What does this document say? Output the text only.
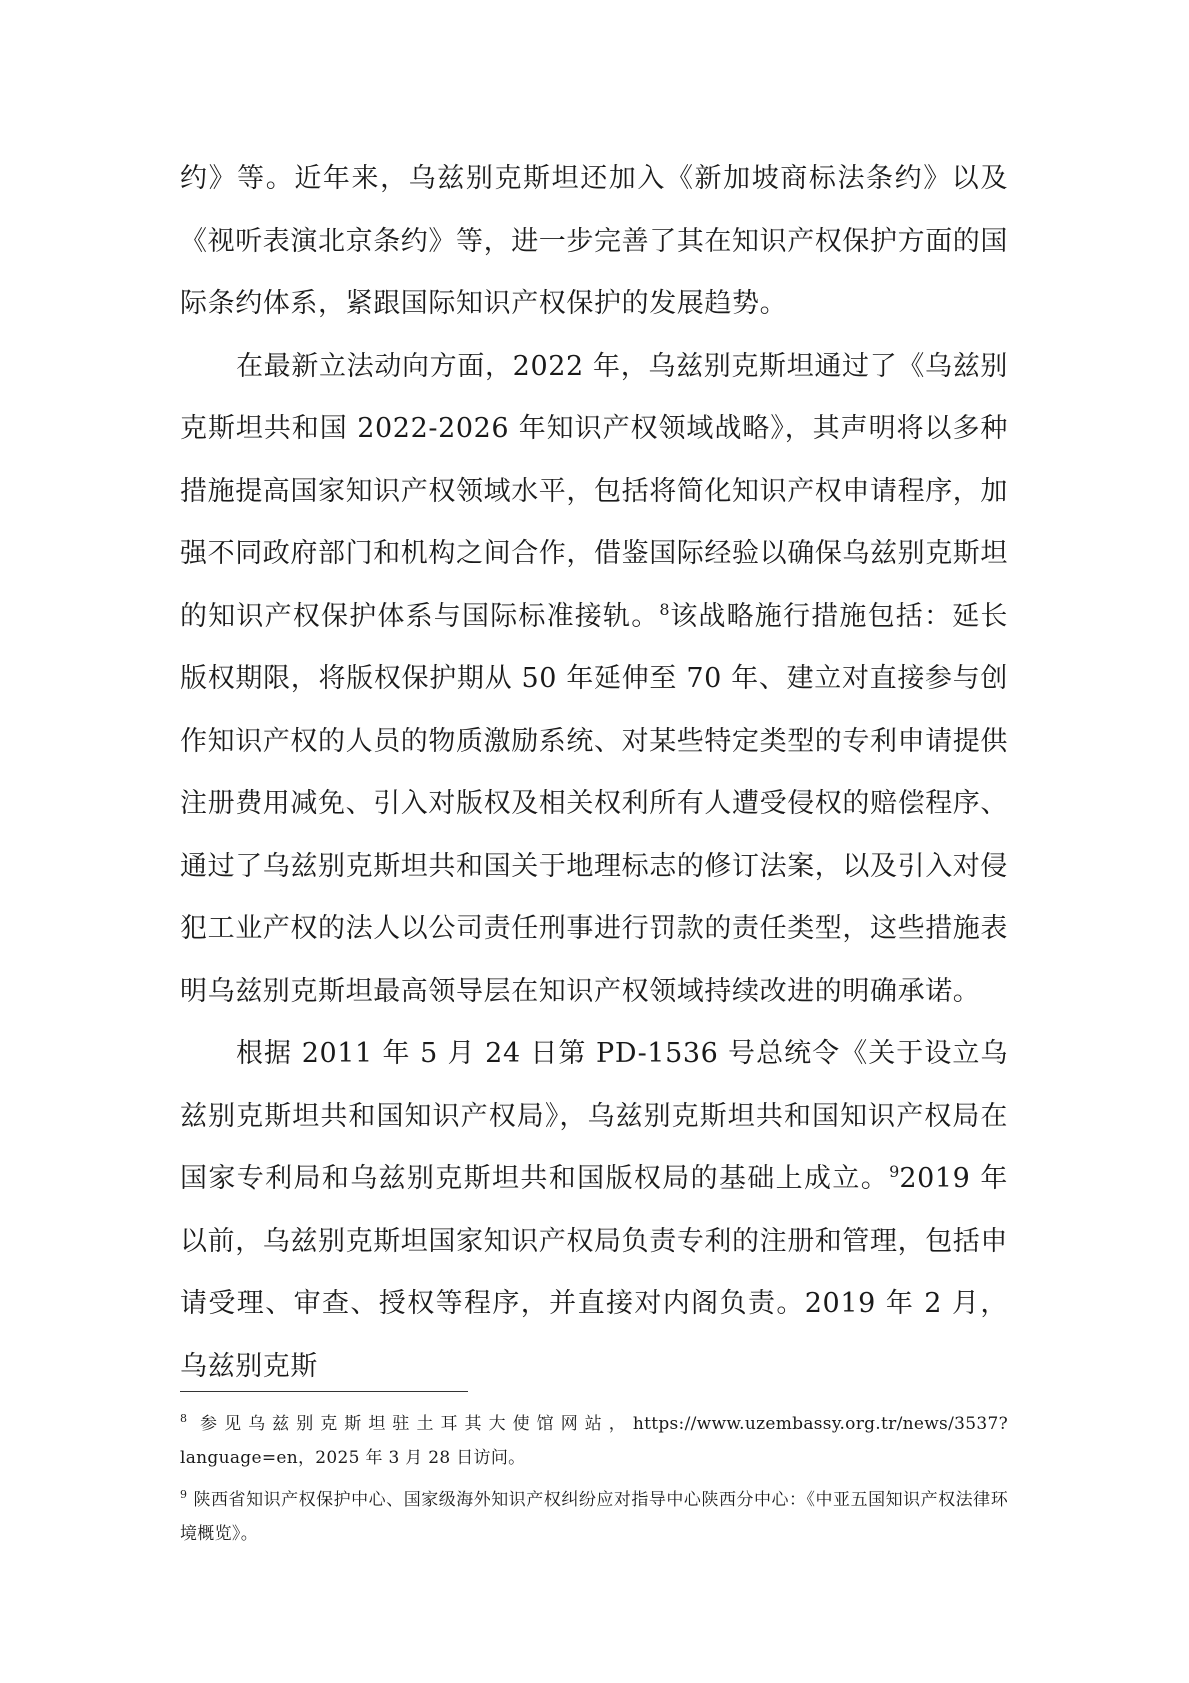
约》等。近年来，乌兹别克斯坦还加入《新加坡商标法条约》以及《视听表演北京条约》等，进一步完善了其在知识产权保护方面的国际条约体系，紧跟国际知识产权保护的发展趋势。

在最新立法动向方面，2022 年，乌兹别克斯坦通过了《乌兹别克斯坦共和国 2022-2026 年知识产权领域战略》，其声明将以多种措施提高国家知识产权领域水平，包括将简化知识产权申请程序，加强不同政府部门和机构之间合作，借鉴国际经验以确保乌兹别克斯坦的知识产权保护体系与国际标准接轨。$^8$该战略施行措施包括：延长版权期限，将版权保护期从 50 年延伸至 70 年、建立对直接参与创作知识产权的人员的物质激励系统、对某些特定类型的专利申请提供注册费用减免、引入对版权及相关权利所有人遭受侵权的赔偿程序、通过了乌兹别克斯坦共和国关于地理标志的修订法案，以及引入对侵犯工业产权的法人以公司责任刑事进行罚款的责任类型，这些措施表明乌兹别克斯坦最高领导层在知识产权领域持续改进的明确承诺。

根据 2011 年 5 月 24 日第 PD-1536 号总统令《关于设立乌兹别克斯坦共和国知识产权局》，乌兹别克斯坦共和国知识产权局在国家专利局和乌兹别克斯坦共和国版权局的基础上成立。$^9$2019 年以前，乌兹别克斯坦国家知识产权局负责专利的注册和管理，包括申请受理、审查、授权等程序，并直接对内阁负责。2019 年 2 月，乌兹别克斯

$^8$ 参见乌兹别克斯坦驻土耳其大使馆网站，https://www.uzembassy.org.tr/news/3537?language=en，2025 年 3 月 28 日访问。

$^9$ 陕西省知识产权保护中心、国家级海外知识产权纠纷应对指导中心陕西分中心：《中亚五国知识产权法律环境概览》。
